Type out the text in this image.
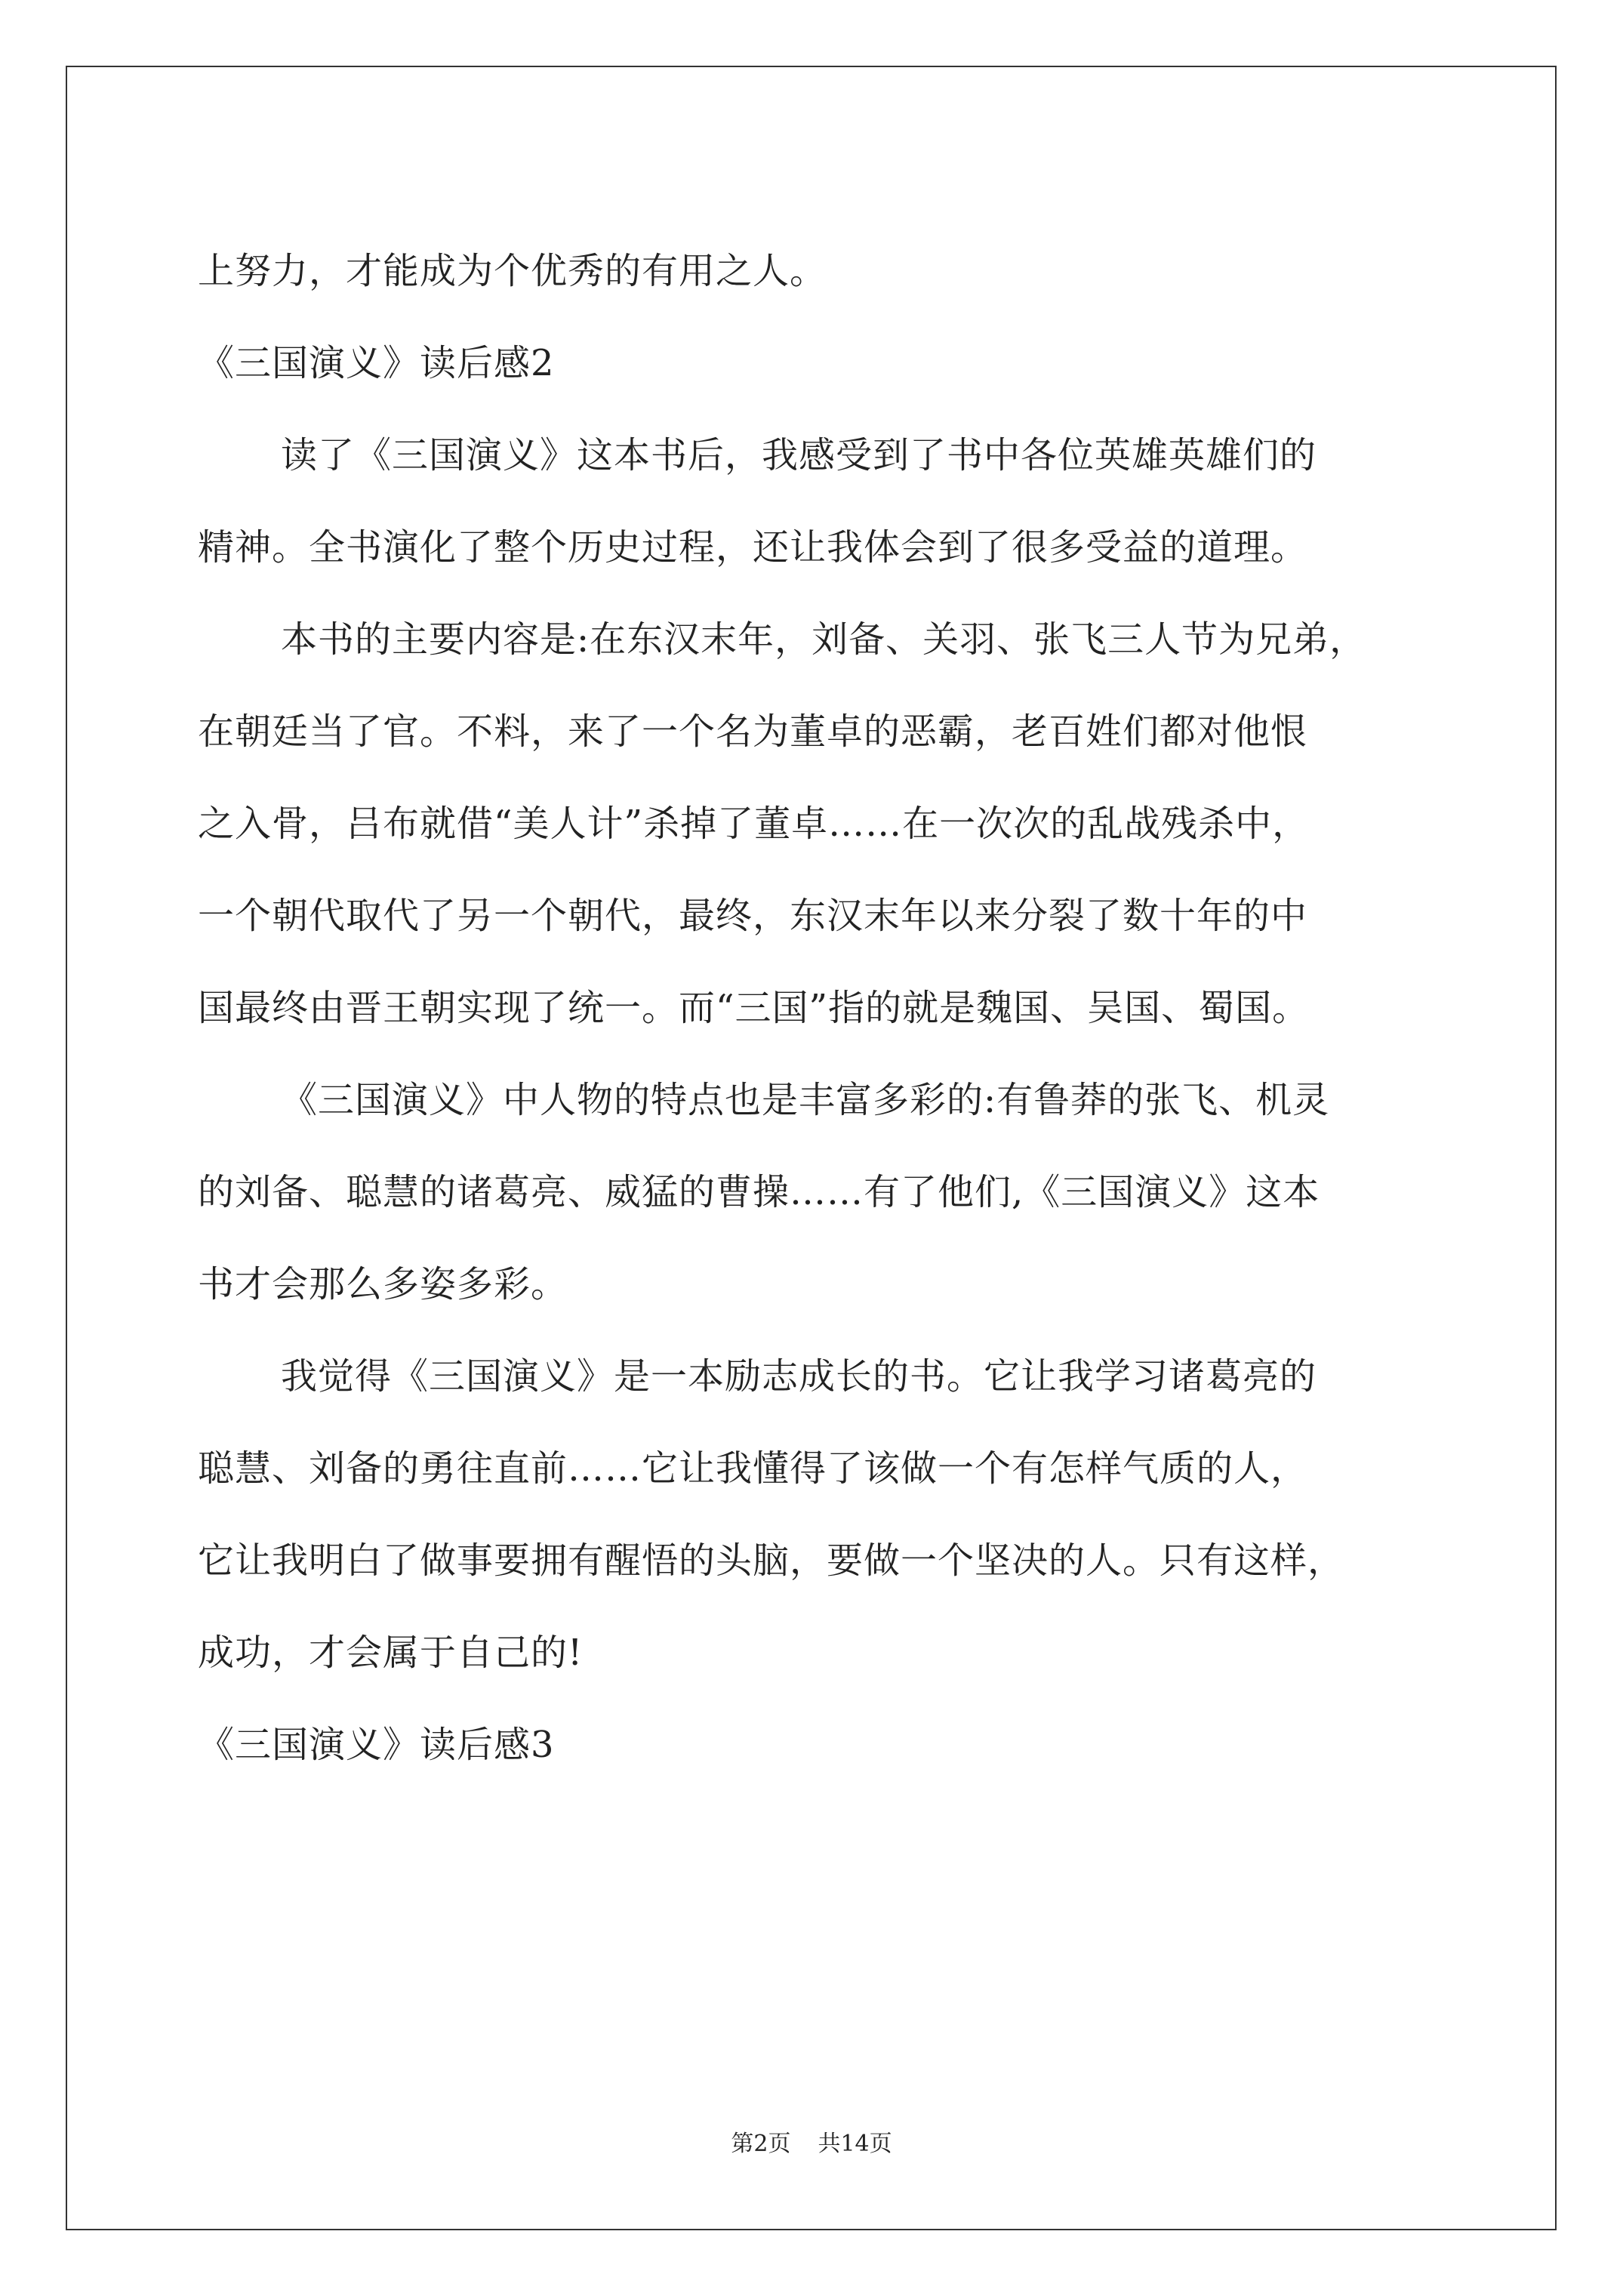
上努力，才能成为个优秀的有用之人。
《三国演义》读后感2
读了《三国演义》这本书后，我感受到了书中各位英雄英雄们的
精神。全书演化了整个历史过程，还让我体会到了很多受益的道理。
本书的主要内容是:在东汉末年，刘备、关羽、张飞三人节为兄弟，
在朝廷当了官。不料，来了一个名为董卓的恶霸，老百姓们都对他恨
之入骨，吕布就借“美人计”杀掉了董卓……在一次次的乱战残杀中，
一个朝代取代了另一个朝代，最终，东汉末年以来分裂了数十年的中
国最终由晋王朝实现了统一。而“三国”指的就是魏国、吴国、蜀国。
《三国演义》中人物的特点也是丰富多彩的:有鲁莽的张飞、机灵
的刘备、聪慧的诸葛亮、威猛的曹操……有了他们,《三国演义》这本
书才会那么多姿多彩。
我觉得《三国演义》是一本励志成长的书。它让我学习诸葛亮的
聪慧、刘备的勇往直前……它让我懂得了该做一个有怎样气质的人，
它让我明白了做事要拥有醒悟的头脑，要做一个坚决的人。只有这样，
成功，才会属于自己的!
《三国演义》读后感3
第2页 共14页
